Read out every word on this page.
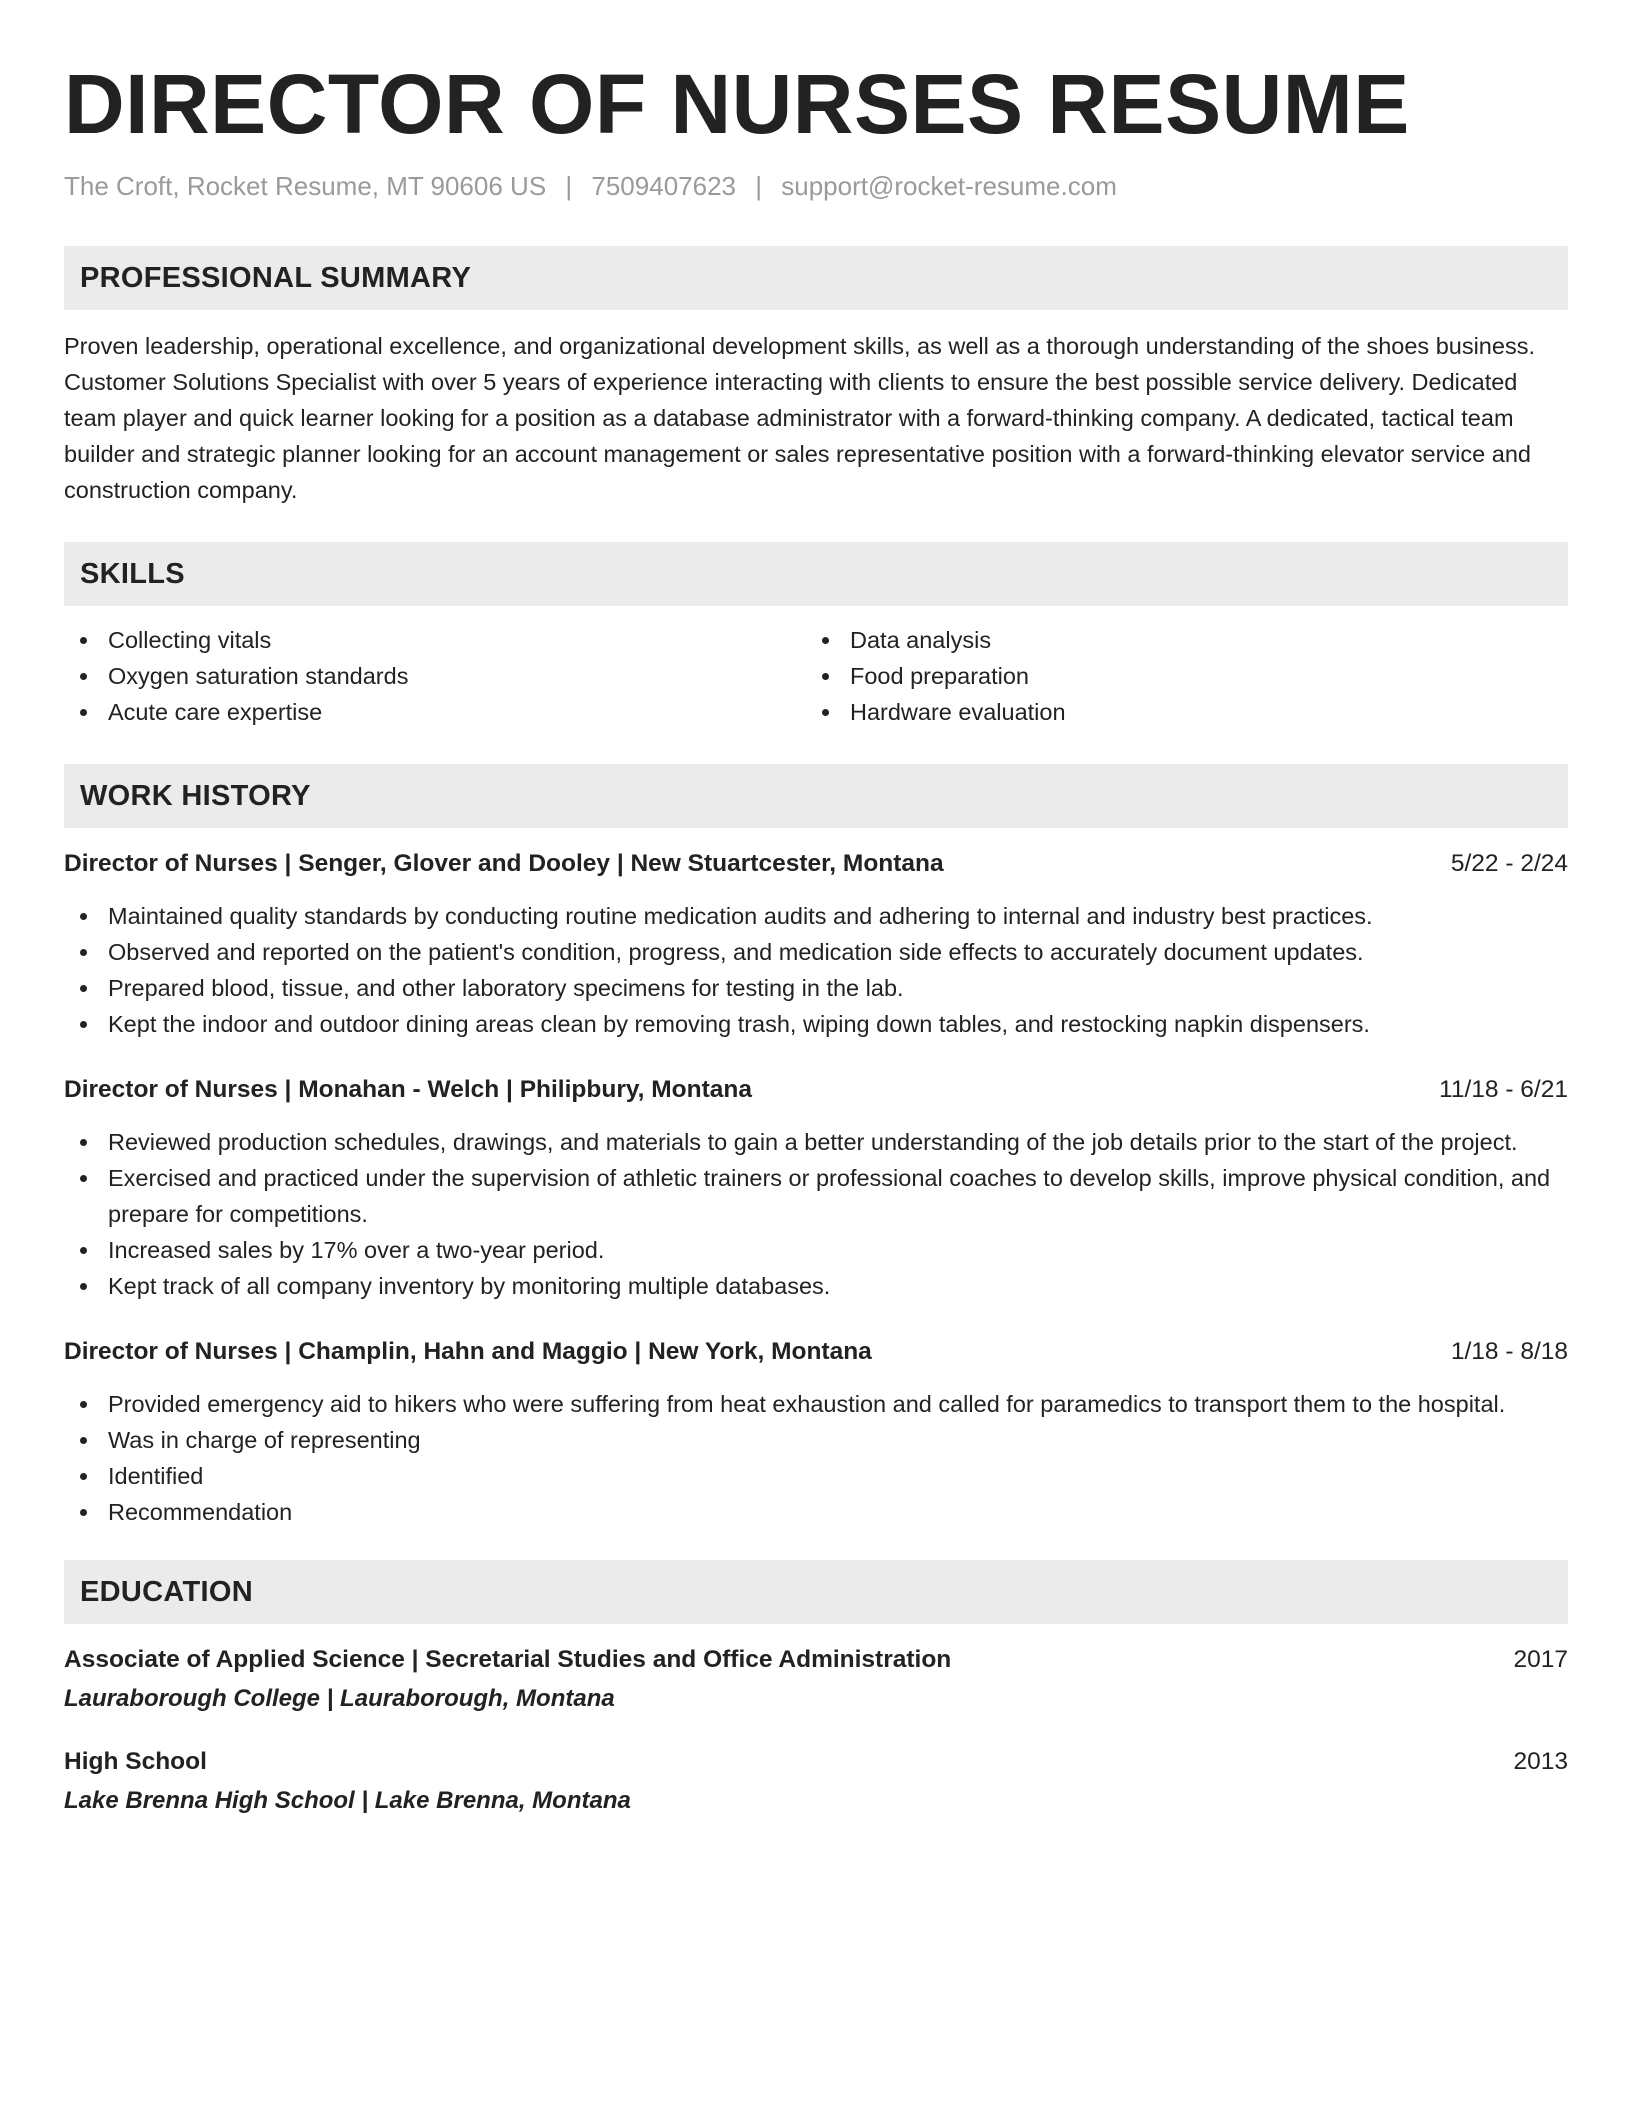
DIRECTOR OF NURSES RESUME
The Croft, Rocket Resume, MT 90606 US | 7509407623 | support@rocket-resume.com
PROFESSIONAL SUMMARY
Proven leadership, operational excellence, and organizational development skills, as well as a thorough understanding of the shoes business. Customer Solutions Specialist with over 5 years of experience interacting with clients to ensure the best possible service delivery. Dedicated team player and quick learner looking for a position as a database administrator with a forward-thinking company. A dedicated, tactical team builder and strategic planner looking for an account management or sales representative position with a forward-thinking elevator service and construction company.
SKILLS
Collecting vitals
Oxygen saturation standards
Acute care expertise
Data analysis
Food preparation
Hardware evaluation
WORK HISTORY
Director of Nurses | Senger, Glover and Dooley | New Stuartcester, Montana	5/22 - 2/24
Maintained quality standards by conducting routine medication audits and adhering to internal and industry best practices.
Observed and reported on the patient's condition, progress, and medication side effects to accurately document updates.
Prepared blood, tissue, and other laboratory specimens for testing in the lab.
Kept the indoor and outdoor dining areas clean by removing trash, wiping down tables, and restocking napkin dispensers.
Director of Nurses | Monahan - Welch | Philipbury, Montana	11/18 - 6/21
Reviewed production schedules, drawings, and materials to gain a better understanding of the job details prior to the start of the project.
Exercised and practiced under the supervision of athletic trainers or professional coaches to develop skills, improve physical condition, and prepare for competitions.
Increased sales by 17% over a two-year period.
Kept track of all company inventory by monitoring multiple databases.
Director of Nurses | Champlin, Hahn and Maggio | New York, Montana	1/18 - 8/18
Provided emergency aid to hikers who were suffering from heat exhaustion and called for paramedics to transport them to the hospital.
Was in charge of representing
Identified
Recommendation
EDUCATION
Associate of Applied Science | Secretarial Studies and Office Administration	2017
Lauraborough College | Lauraborough, Montana
High School	2013
Lake Brenna High School | Lake Brenna, Montana
